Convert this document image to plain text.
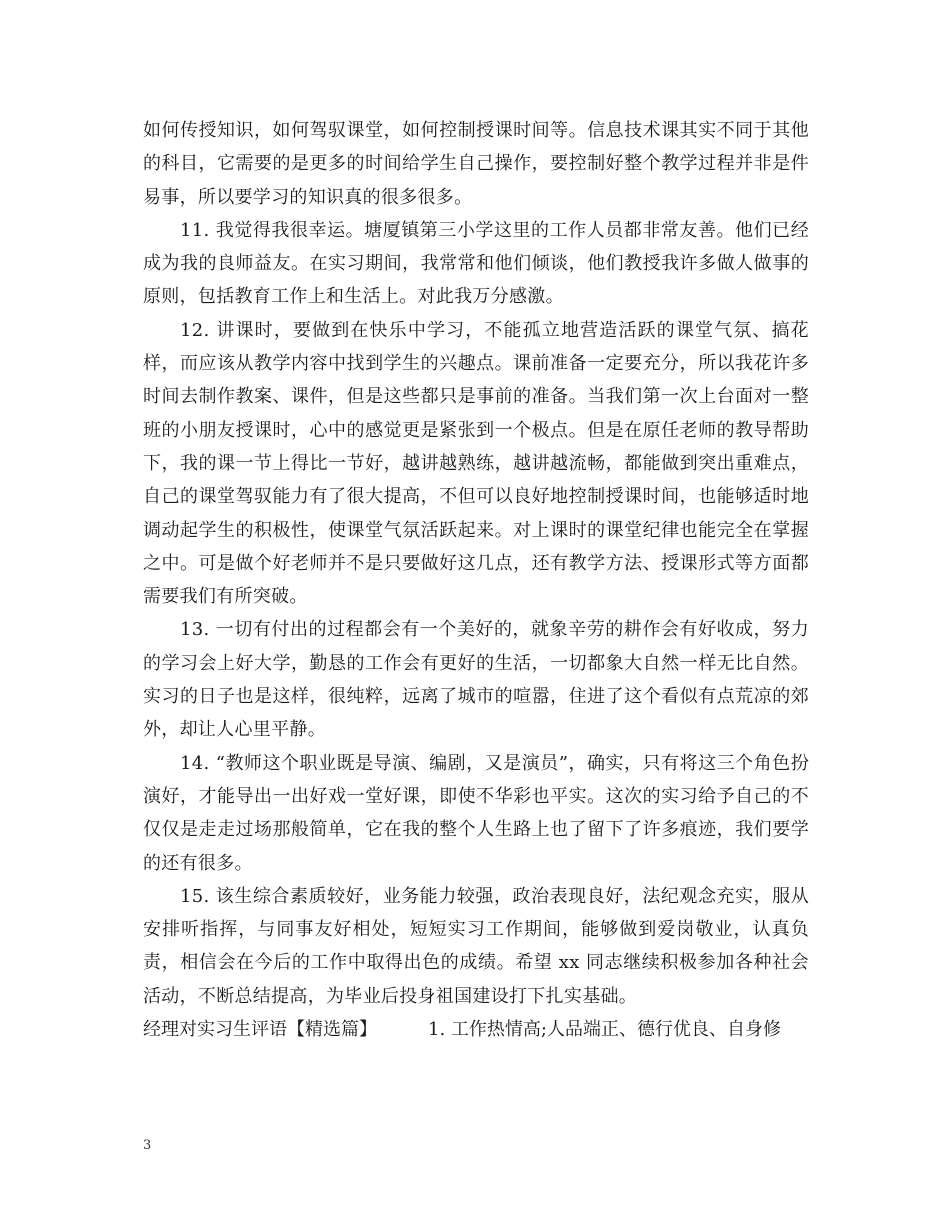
如何传授知识，如何驾驭课堂，如何控制授课时间等。信息技术课其实不同于其他的科目，它需要的是更多的时间给学生自己操作，要控制好整个教学过程并非是件易事，所以要学习的知识真的很多很多。

11. 我觉得我很幸运。塘厦镇第三小学这里的工作人员都非常友善。他们已经成为我的良师益友。在实习期间，我常常和他们倾谈，他们教授我许多做人做事的原则，包括教育工作上和生活上。对此我万分感激。

12. 讲课时，要做到在快乐中学习，不能孤立地营造活跃的课堂气氛、搞花样，而应该从教学内容中找到学生的兴趣点。课前准备一定要充分，所以我花许多时间去制作教案、课件，但是这些都只是事前的准备。当我们第一次上台面对一整班的小朋友授课时，心中的感觉更是紧张到一个极点。但是在原任老师的教导帮助下，我的课一节上得比一节好，越讲越熟练，越讲越流畅，都能做到突出重难点，自己的课堂驾驭能力有了很大提高，不但可以良好地控制授课时间，也能够适时地调动起学生的积极性，使课堂气氛活跃起来。对上课时的课堂纪律也能完全在掌握之中。可是做个好老师并不是只要做好这几点，还有教学方法、授课形式等方面都需要我们有所突破。

13. 一切有付出的过程都会有一个美好的，就象辛劳的耕作会有好收成，努力的学习会上好大学，勤恳的工作会有更好的生活，一切都象大自然一样无比自然。实习的日子也是这样，很纯粹，远离了城市的喧嚣，住进了这个看似有点荒凉的郊外，却让人心里平静。

14. “教师这个职业既是导演、编剧，又是演员”，确实，只有将这三个角色扮演好，才能导出一出好戏一堂好课，即使不华彩也平实。这次的实习给予自己的不仅仅是走走过场那般简单，它在我的整个人生路上也了留下了许多痕迹，我们要学的还有很多。

15. 该生综合素质较好，业务能力较强，政治表现良好，法纪观念充实，服从安排听指挥，与同事友好相处，短短实习工作期间，能够做到爱岗敬业，认真负责，相信会在今后的工作中取得出色的成绩。希望 xx 同志继续积极参加各种社会活动，不断总结提高，为毕业后投身祖国建设打下扎实基础。

经理对实习生评语【精选篇】	1. 工作热情高;人品端正、德行优良、自身修
3
